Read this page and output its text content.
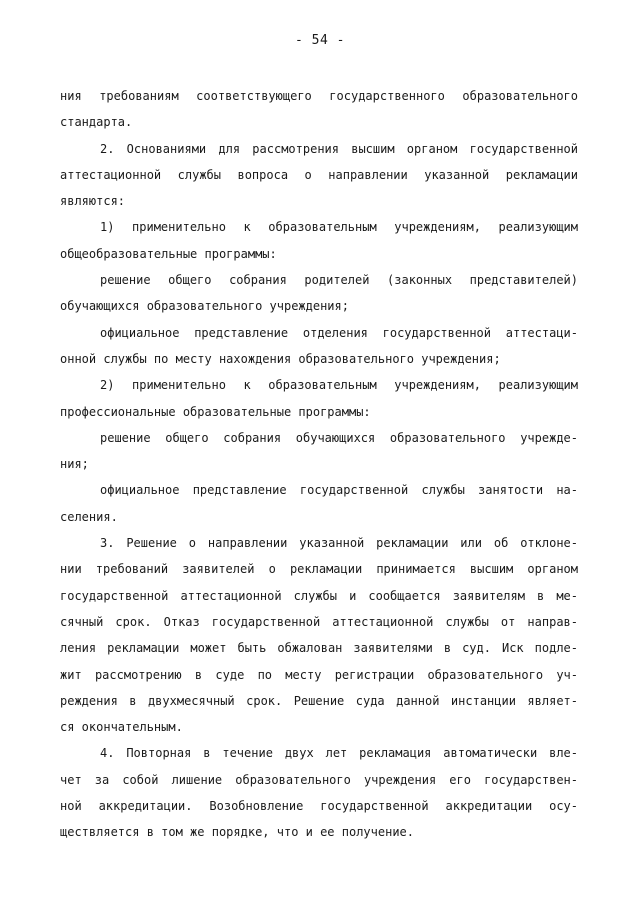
- 54 -
ния требованиям соответствующего государственного образовательного
стандарта.
2. Основаниями для рассмотрения высшим органом государственной
аттестационной службы вопроса о направлении указанной рекламации
являются:
1) применительно к образовательным учреждениям, реализующим
общеобразовательные программы:
решение общего собрания родителей (законных представителей)
обучающихся образовательного учреждения;
официальное представление отделения государственной аттестаци-
онной службы по месту нахождения образовательного учреждения;
2) применительно к образовательным учреждениям, реализующим
профессиональные образовательные программы:
решение общего собрания обучающихся образовательного учрежде-
ния;
официальное представление государственной службы занятости на-
селения.
3. Решение о направлении указанной рекламации или об отклоне-
нии требований заявителей о рекламации принимается высшим органом
государственной аттестационной службы и сообщается заявителям в ме-
сячный срок. Отказ государственной аттестационной службы от направ-
ления рекламации может быть обжалован заявителями в суд. Иск подле-
жит рассмотрению в суде по месту регистрации образовательного уч-
реждения в двухмесячный срок. Решение суда данной инстанции являет-
ся окончательным.
4. Повторная в течение двух лет рекламация автоматически вле-
чет за собой лишение образовательного учреждения его государствен-
ной аккредитации. Возобновление государственной аккредитации осу-
ществляется в том же порядке, что и ее получение.
